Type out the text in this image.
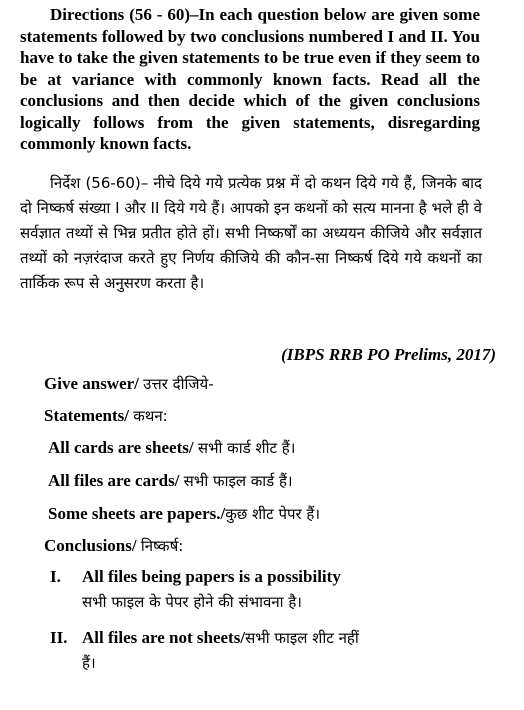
Directions (56 - 60)–In each question below are given some statements followed by two conclusions numbered I and II. You have to take the given statements to be true even if they seem to be at variance with commonly known facts. Read all the conclusions and then decide which of the given conclusions logically follows from the given statements, disregarding commonly known facts.

निर्देश (56-60)– नीचे दिये गये प्रत्येक प्रश्न में दो कथन दिये गये हैं, जिनके बाद दो निष्कर्ष संख्या I और II दिये गये हैं। आपको इन कथनों को सत्य मानना है भले ही वे सर्वज्ञात तथ्यों से भिन्न प्रतीत होते हों। सभी निष्कर्षों का अध्ययन कीजिये और सर्वज्ञात तथ्यों को नज़रंदाज करते हुए निर्णय कीजिये की कौन-सा निष्कर्ष दिये गये कथनों का तार्किक रूप से अनुसरण करता है।

(IBPS RRB PO Prelims, 2017)

Give answer/ उत्तर दीजिये-

Statements/ कथन:

All cards are sheets/ सभी कार्ड शीट हैं।

All files are cards/ सभी फाइल कार्ड हैं।

Some sheets are papers./कुछ शीट पेपर हैं।

Conclusions/ निष्कर्ष:

I. All files being papers is a possibility
सभी फाइल के पेपर होने की संभावना है।
II. All files are not sheets/सभी फाइल शीट नहीं
हैं।
